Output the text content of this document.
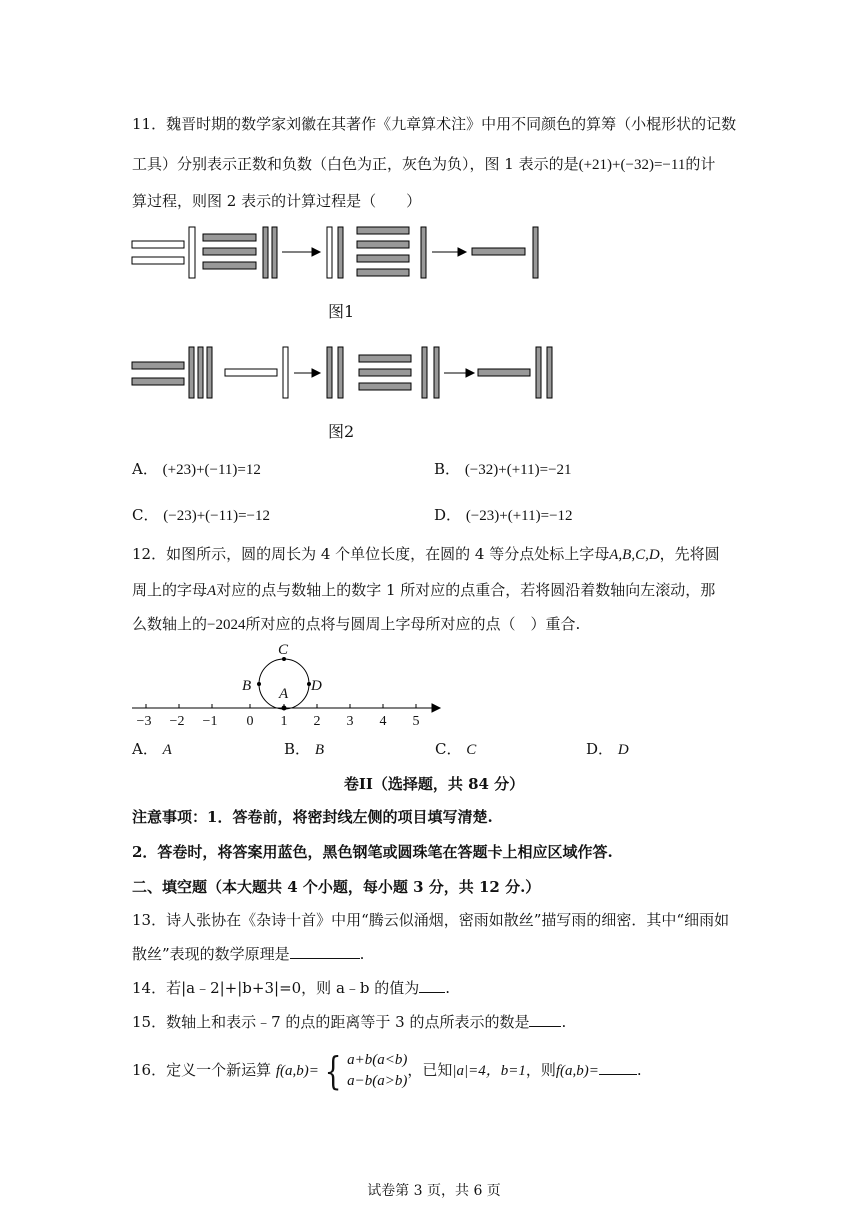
11．魏晋时期的数学家刘徽在其著作《九章算术注》中用不同颜色的算筹（小棍形状的记数
工具）分别表示正数和负数（白色为正，灰色为负），图 1 表示的是(+21)+(−32)=−11的计
算过程，则图 2 表示的计算过程是（　　）
图1
图2
A． (+23)+(−11)=12	B． (−32)+(+11)=−21
C． (−23)+(−11)=−12	D． (−23)+(+11)=−12
12．如图所示，圆的周长为 4 个单位长度，在圆的 4 等分点处标上字母A,B,C,D，先将圆
周上的字母A对应的点与数轴上的数字 1 所对应的点重合，若将圆沿着数轴向左滚动，那
么数轴上的−2024所对应的点将与圆周上字母所对应的点（　）重合.
C
B A D
−3 −2 −1 0 1 2 3 4 5
A． A	B． B	C． C	D． D
卷II（选择题，共 84 分）
注意事项：1．答卷前，将密封线左侧的项目填写清楚.
2．答卷时，将答案用蓝色，黑色钢笔或圆珠笔在答题卡上相应区域作答.
二、填空题（本大题共 4 个小题，每小题 3 分，共 12 分.）
13．诗人张协在《杂诗十首》中用“腾云似涌烟，密雨如散丝”描写雨的细密．其中“细雨如
散丝”表现的数学原理是	.
14．若|a﹣2|+|b+3|=0，则 a﹣b 的值为 .
15．数轴上和表示﹣7 的点的距离等于 3 的点所表示的数是 .
16．定义一个新运算 f(a,b)= { a+b(a<b)
a−b(a>b)，已知|a|=4，b=1，则f(a,b)=	.
试卷第 3 页，共 6 页
